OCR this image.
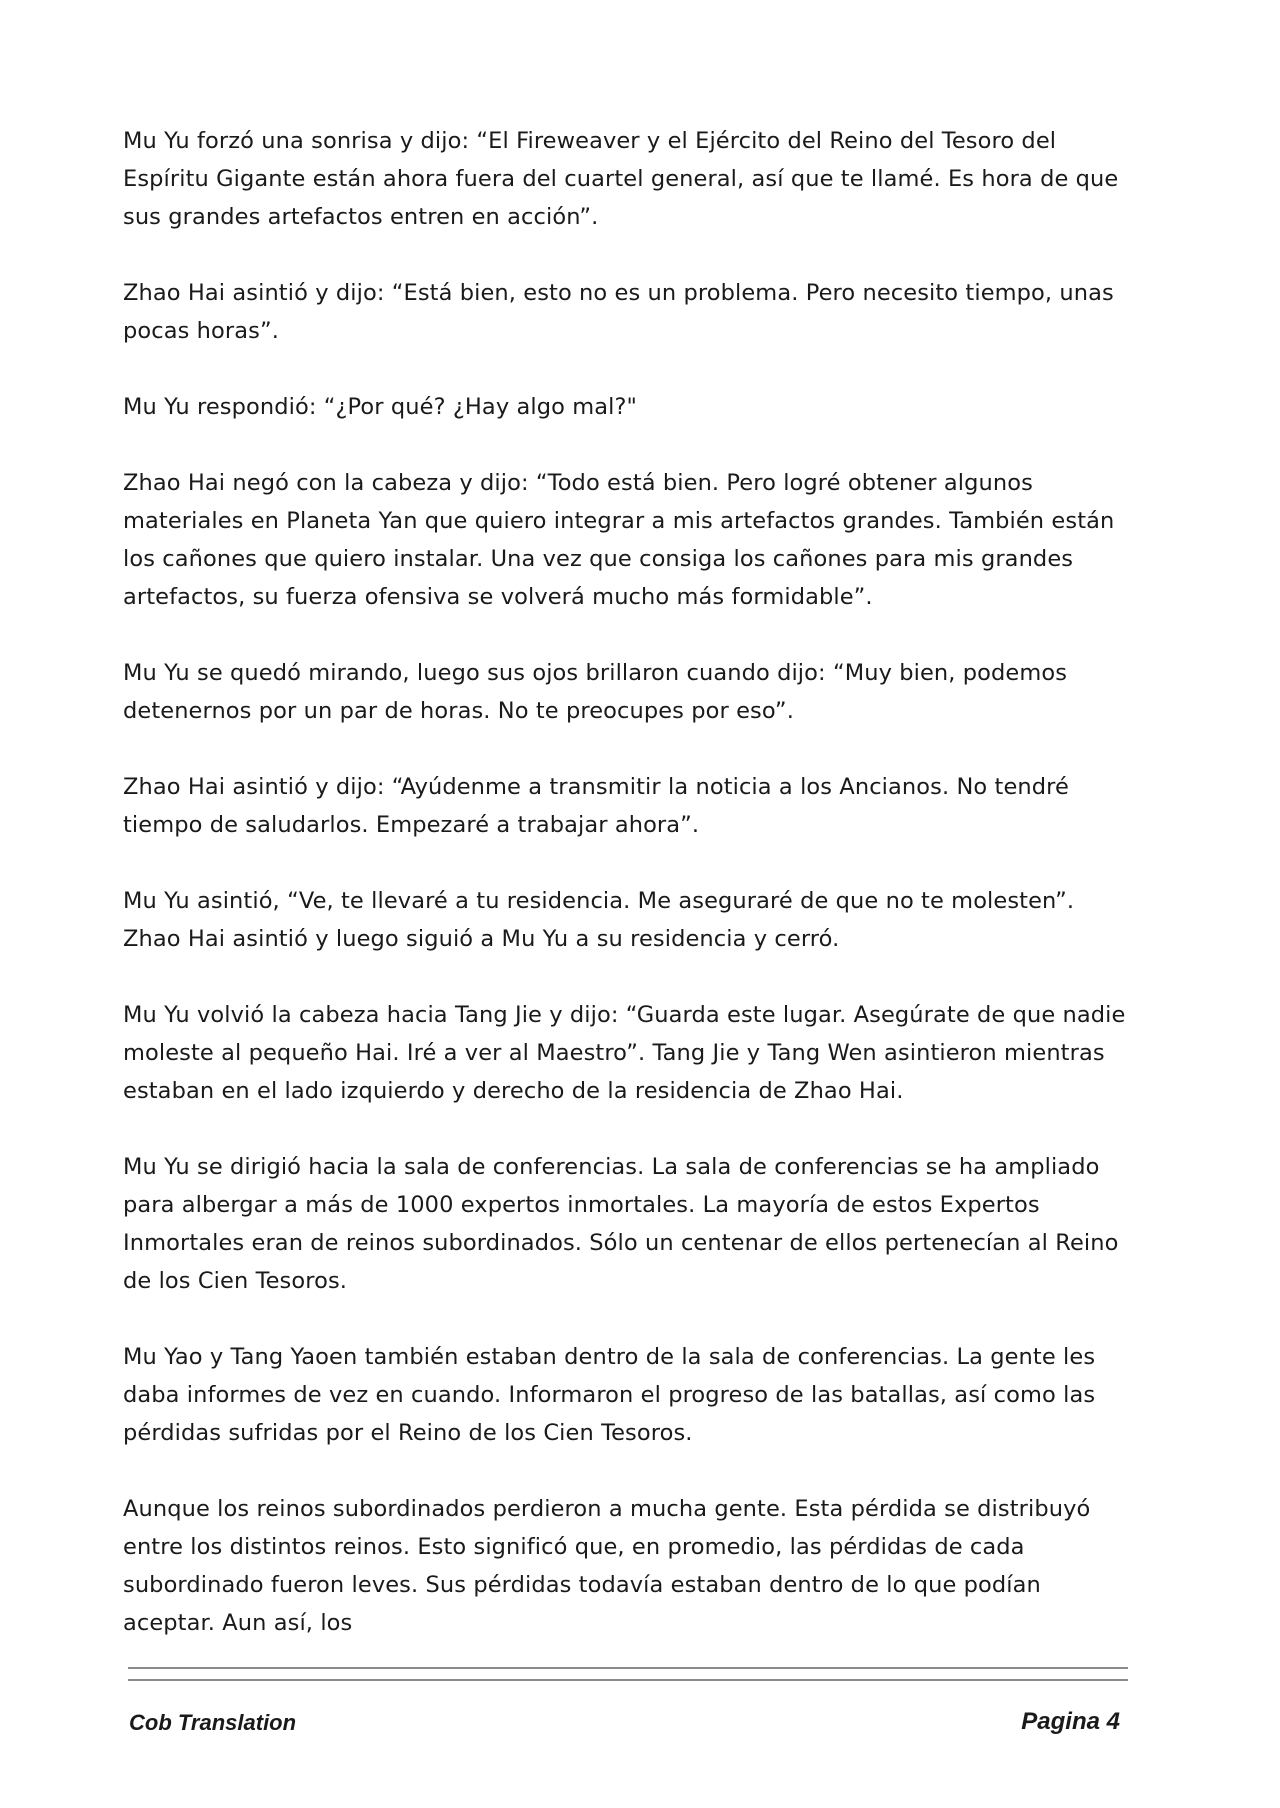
Mu Yu forzó una sonrisa y dijo: “El Fireweaver y el Ejército del Reino del Tesoro del Espíritu Gigante están ahora fuera del cuartel general, así que te llamé. Es hora de que sus grandes artefactos entren en acción”.

Zhao Hai asintió y dijo: “Está bien, esto no es un problema. Pero necesito tiempo, unas pocas horas”.

Mu Yu respondió: “¿Por qué? ¿Hay algo mal?"

Zhao Hai negó con la cabeza y dijo: “Todo está bien. Pero logré obtener algunos materiales en Planeta Yan que quiero integrar a mis artefactos grandes. También están los cañones que quiero instalar. Una vez que consiga los cañones para mis grandes artefactos, su fuerza ofensiva se volverá mucho más formidable”.

Mu Yu se quedó mirando, luego sus ojos brillaron cuando dijo: “Muy bien, podemos detenernos por un par de horas. No te preocupes por eso”.

Zhao Hai asintió y dijo: “Ayúdenme a transmitir la noticia a los Ancianos. No tendré tiempo de saludarlos. Empezaré a trabajar ahora”.

Mu Yu asintió, “Ve, te llevaré a tu residencia. Me aseguraré de que no te molesten”. Zhao Hai asintió y luego siguió a Mu Yu a su residencia y cerró.

Mu Yu volvió la cabeza hacia Tang Jie y dijo: “Guarda este lugar. Asegúrate de que nadie moleste al pequeño Hai. Iré a ver al Maestro”. Tang Jie y Tang Wen asintieron mientras estaban en el lado izquierdo y derecho de la residencia de Zhao Hai.

Mu Yu se dirigió hacia la sala de conferencias. La sala de conferencias se ha ampliado para albergar a más de 1000 expertos inmortales. La mayoría de estos Expertos Inmortales eran de reinos subordinados. Sólo un centenar de ellos pertenecían al Reino de los Cien Tesoros.

Mu Yao y Tang Yaoen también estaban dentro de la sala de conferencias. La gente les daba informes de vez en cuando. Informaron el progreso de las batallas, así como las pérdidas sufridas por el Reino de los Cien Tesoros.

Aunque los reinos subordinados perdieron a mucha gente. Esta pérdida se distribuyó entre los distintos reinos. Esto significó que, en promedio, las pérdidas de cada subordinado fueron leves. Sus pérdidas todavía estaban dentro de lo que podían aceptar. Aun así, los

Cob Translation	Pagina 4
